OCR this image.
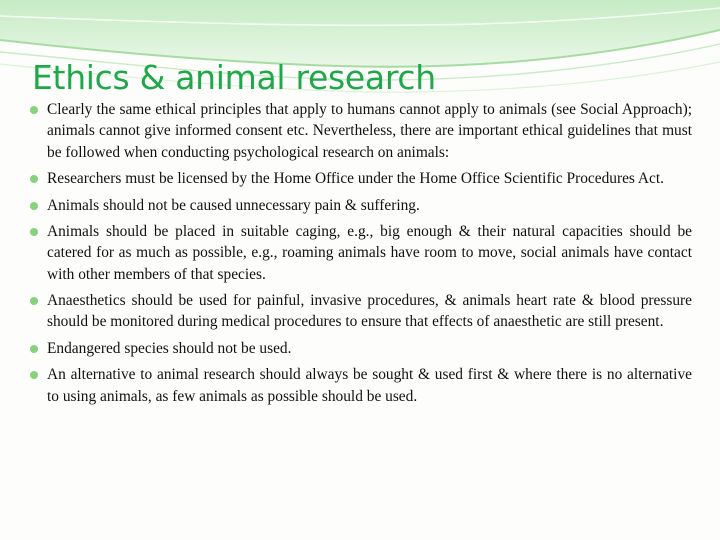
Ethics & animal research
Clearly the same ethical principles that apply to humans cannot apply to animals (see Social Approach); animals cannot give informed consent etc. Nevertheless, there are important ethical guidelines that must be followed when conducting psychological research on animals:
Researchers must be licensed by the Home Office under the Home Office Scientific Procedures Act.
Animals should not be caused unnecessary pain & suffering.
Animals should be placed in suitable caging, e.g., big enough & their natural capacities should be catered for as much as possible, e.g., roaming animals have room to move, social animals have contact with other members of that species.
Anaesthetics should be used for painful, invasive procedures, & animals heart rate & blood pressure should be monitored during medical procedures to ensure that effects of anaesthetic are still present.
Endangered species should not be used.
An alternative to animal research should always be sought & used first & where there is no alternative to using animals, as few animals as possible should be used.
